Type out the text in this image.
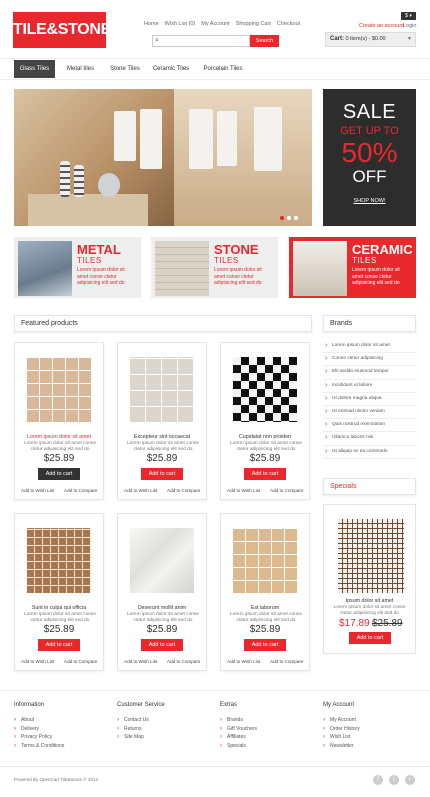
TILE&STONE	Home Wish List (0) My Account Shopping Cart Checkout
$ ▾
Create an account Login
⌕	Search	Cart: 0 item(s) - $0.00	▾
Glass Tiles	Metal tiles	Stone Tiles	Ceramic Tiles	Porcelain Tiles
SALE
GET UP TO
50%
OFF
SHOP NOW!
METAL
TILES
Lorem ipsum dolor sit amet conse ctetur adipisicing elit sed do
STONE
TILES
Lorem ipsum dolor sit amet conse ctetur adipisicing elit sed do
CERAMIC
TILES
Lorem ipsum dolor sit amet conse ctetur adipisicing elit sed do
Featured products
Lorem ipsum dolor sit amet
Lorem ipsum dolor sit amet conse ctetur adipisicing elit sed do
$25.89
Add to cart
Add to Wish List Add to Compare
Excepteur sint occaecat
Lorem ipsum dolor sit amet conse ctetur adipisicing elit sed do
$25.89
Add to cart
Add to Wish List Add to Compare
Cupidatat non proiden
Lorem ipsum dolor sit amet conse ctetur adipisicing elit sed do
$25.89
Add to cart
Add to Wish List Add to Compare
Sunt in culpa qui officia
Lorem ipsum dolor sit amet conse ctetur adipisicing elit sed do
$25.89
Add to cart
Add to Wish List Add to Compare
Deserunt mollit anim
Lorem ipsum dolor sit amet conse ctetur adipisicing elit sed do
$25.89
Add to cart
Add to Wish List Add to Compare
Est laborum
Lorem ipsum dolor sit amet conse ctetur adipisicing elit sed do
$25.89
Add to cart
Add to Wish List Add to Compare
Brands
› Lorem ipsum dolor sit amet
› Conse ctetur adipisicing
› Elit seddo eiusmod tempor
› Incididunt ut labore
› Ut dolore magna aliqua
› Ut enimad minim veniam
› Quis nostrud exercitation
› Ullamco laboris nisi
› Ut aliquip ex ea commodo
Specials
Ipsum dolor sit amet
Lorem ipsum dolor sit amet conse ctetur adipisicing elit sed do
$17.89 $25.89
Add to cart
Information
› About
› Delivery
› Privacy Policy
› Terms & Conditions
Customer Service
› Contact Us
› Returns
› Site Map
Extras
› Brands
› Gift Vouchers
› Affiliates
› Specials
My Account
› My Account
› Order History
› Wish List
› Newsletter
Powered By OpenCart Tile&Stone © 2013	f	t	r
